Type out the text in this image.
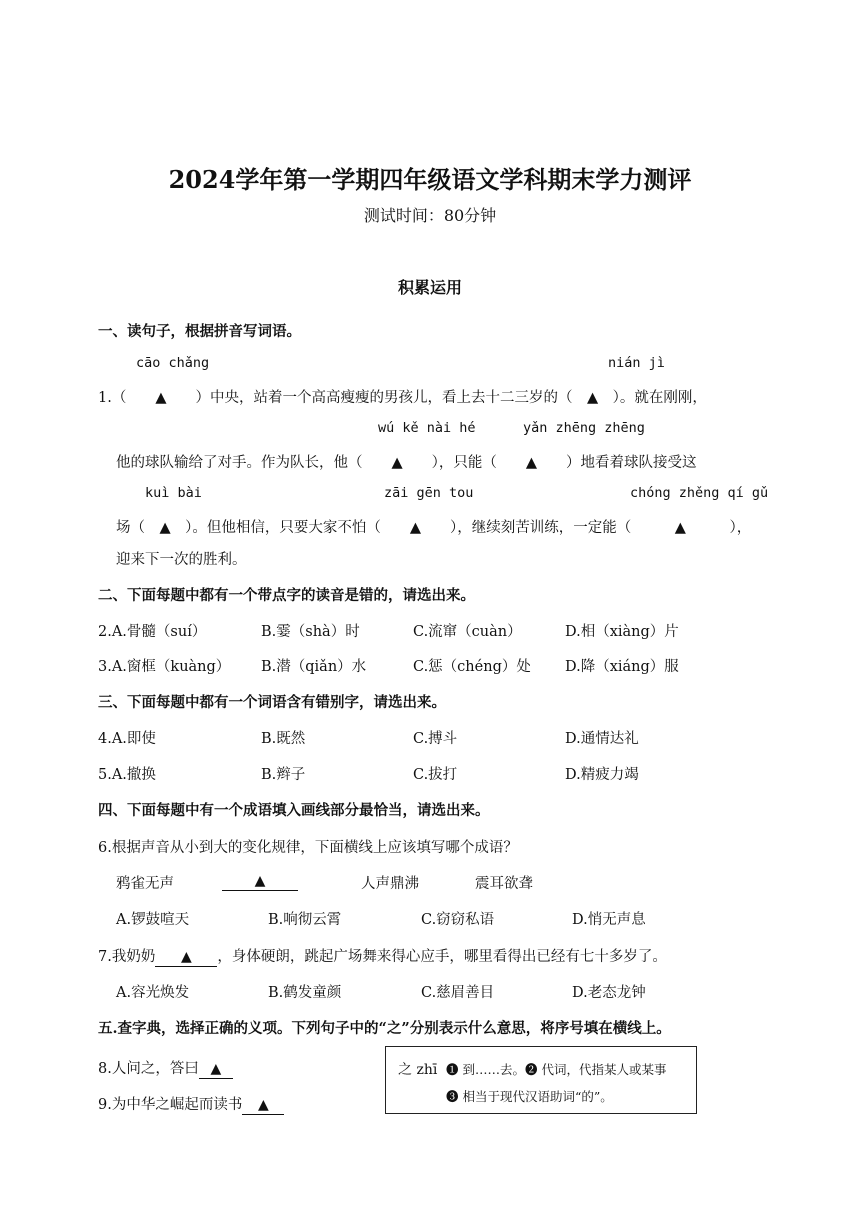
2024学年第一学期四年级语文学科期末学力测评
测试时间：80分钟
积累运用
一、读句子，根据拼音写词语。
cāo chǎng	nián jì
1.（　　▲　　）中央，站着一个高高瘦瘦的男孩儿，看上去十二三岁的（　▲　）。就在刚刚，
wú kě nài hé	yǎn zhēng zhēng
他的球队输给了对手。作为队长，他（　　▲　　），只能（　　▲　　）地看着球队接受这
kuì bài	zāi gēn tou	chóng zhěng qí gǔ
场（　▲　）。但他相信，只要大家不怕（　　▲　　），继续刻苦训练，一定能（　　　▲　　　），
迎来下一次的胜利。
二、下面每题中都有一个带点字的读音是错的，请选出来。
2.A.骨髓（suí）	B.霎（shà）时	C.流窜（cuàn）	D.相（xiàng）片
3.A.窗框（kuàng） B.潜（qiǎn）水	C.惩（chéng）处 D.降（xiáng）服
三、下面每题中都有一个词语含有错别字，请选出来。
4.A.即使	B.既然	C.搏斗	D.通情达礼
5.A.撤换	B.辫子	C.拔打	D.精疲力竭
四、下面每题中有一个成语填入画线部分最恰当，请选出来。
6.根据声音从小到大的变化规律，下面横线上应该填写哪个成语？
鸦雀无声	▲	人声鼎沸	震耳欲聋
A.锣鼓喧天	B.响彻云霄	C.窃窃私语	D.悄无声息
7.我奶奶 ▲ ，身体硬朗，跳起广场舞来得心应手，哪里看得出已经有七十多岁了。
A.容光焕发	B.鹤发童颜	C.慈眉善目	D.老态龙钟
五.查字典，选择正确的义项。下列句子中的“之”分别表示什么意思，将序号填在横线上。
8.人问之，答曰 ▲
9.为中华之崛起而读书 ▲
之 zhī ❶ 到……去。❷ 代词，代指某人或某事
❸ 相当于现代汉语助词“的”。
